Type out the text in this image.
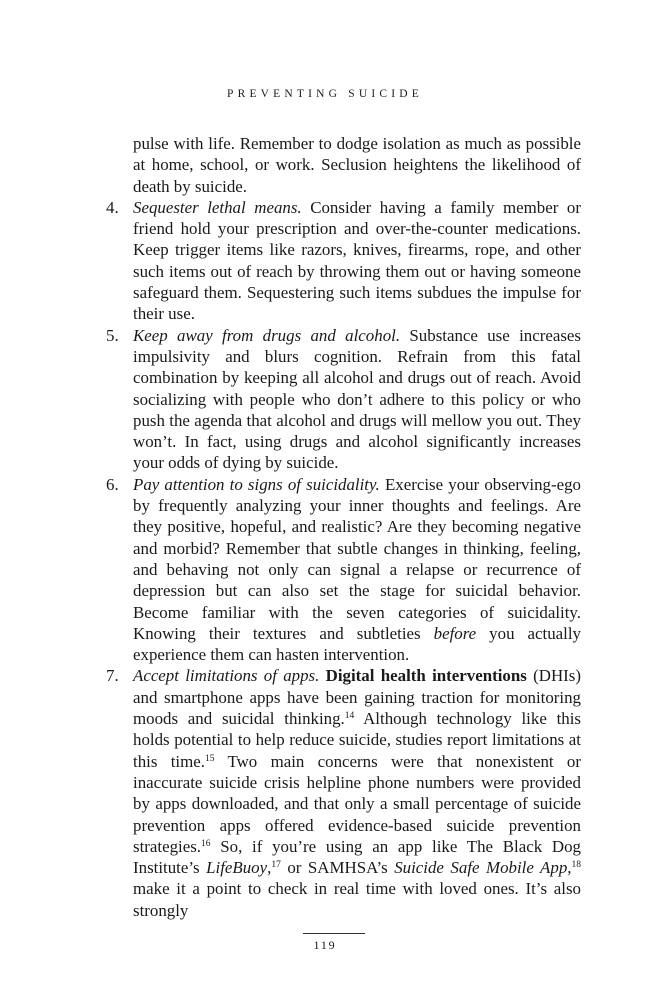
PREVENTING SUICIDE

pulse with life. Remember to dodge isolation as much as possible at home, school, or work. Seclusion heightens the likelihood of death by suicide.

4. Sequester lethal means. Consider having a family member or friend hold your prescription and over-the-counter medications. Keep trigger items like razors, knives, firearms, rope, and other such items out of reach by throwing them out or having someone safeguard them. Sequestering such items subdues the impulse for their use.

5. Keep away from drugs and alcohol. Substance use increases impulsivity and blurs cognition. Refrain from this fatal combination by keeping all alcohol and drugs out of reach. Avoid socializing with people who don’t adhere to this policy or who push the agenda that alcohol and drugs will mellow you out. They won’t. In fact, using drugs and alcohol significantly increases your odds of dying by suicide.

6. Pay attention to signs of suicidality. Exercise your observing-ego by frequently analyzing your inner thoughts and feelings. Are they positive, hopeful, and realistic? Are they becoming negative and morbid? Remember that subtle changes in thinking, feeling, and behaving not only can signal a relapse or recurrence of depression but can also set the stage for suicidal behavior. Become familiar with the seven categories of suicidality. Knowing their textures and subtleties before you actually experience them can hasten intervention.

7. Accept limitations of apps. Digital health interventions (DHIs) and smartphone apps have been gaining traction for monitoring moods and suicidal thinking.$^{14}$ Although technology like this holds potential to help reduce suicide, studies report limitations at this time.$^{15}$ Two main concerns were that nonexistent or inaccurate suicide crisis helpline phone numbers were provided by apps downloaded, and that only a small percentage of suicide prevention apps offered evidence-based suicide prevention strategies.$^{16}$ So, if you’re using an app like The Black Dog Institute’s LifeBuoy,$^{17}$ or SAMHSA’s Suicide Safe Mobile App,$^{18}$ make it a point to check in real time with loved ones. It’s also strongly

119
